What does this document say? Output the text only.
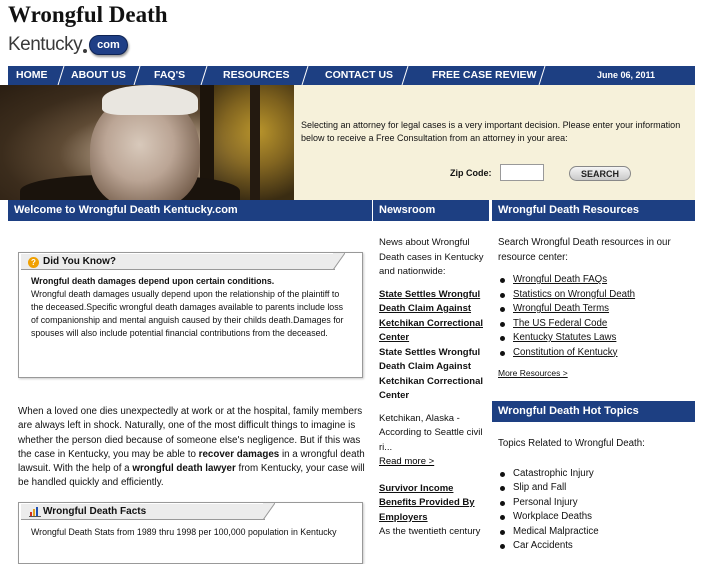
Wrongful Death
Kentucky	com
HOME ABOUT US	FAQ'S	RESOURCES	CONTACT US	FREE CASE REVIEW	June 06, 2011
Selecting an attorney for legal cases is a very important decision. Please enter your information below to receive a Free Consultation from an attorney in your area:
Zip Code:	SEARCH
Welcome to Wrongful Death Kentucky.com	Newsroom	Wrongful Death Resources
Wrongful Death Hot Topics
? Did You Know?
Wrongful death damages depend upon certain conditions.
Wrongful death damages usually depend upon the relationship of the plaintiff to the deceased.Specific wrongful death damages available to parents include loss of companionship and mental anguish caused by their childs death.Damages for spouses will also include potential financial contributions from the deceased.
When a loved one dies unexpectedly at work or at the hospital, family members are always left in shock. Naturally, one of the most difficult things to imagine is whether the person died because of someone else's negligence. But if this was the case in Kentucky, you may be able to recover damages in a wrongful death lawsuit. With the help of a wrongful death lawyer from Kentucky, your case will be handled quickly and efficiently.
Wrongful Death Facts
Wrongful Death Stats from 1989 thru 1998 per 100,000 population in Kentucky

News about Wrongful Death cases in Kentucky and nationwide:

State Settles Wrongful Death Claim Against Ketchikan Correctional Center
State Settles Wrongful Death Claim Against Ketchikan Correctional Center

Ketchikan, Alaska - According to Seattle civil ri...

Read more >
Survivor Income Benefits Provided By Employers

As the twentieth century

Search Wrongful Death resources in our resource center:
Wrongful Death FAQs
Statistics on Wrongful Death
Wrongful Death Terms
The US Federal Code
Kentucky Statutes Laws
Constitution of Kentucky
More Resources >
Topics Related to Wrongful Death:
Catastrophic Injury
Slip and Fall
Personal Injury
Workplace Deaths
Medical Malpractice
Car Accidents
